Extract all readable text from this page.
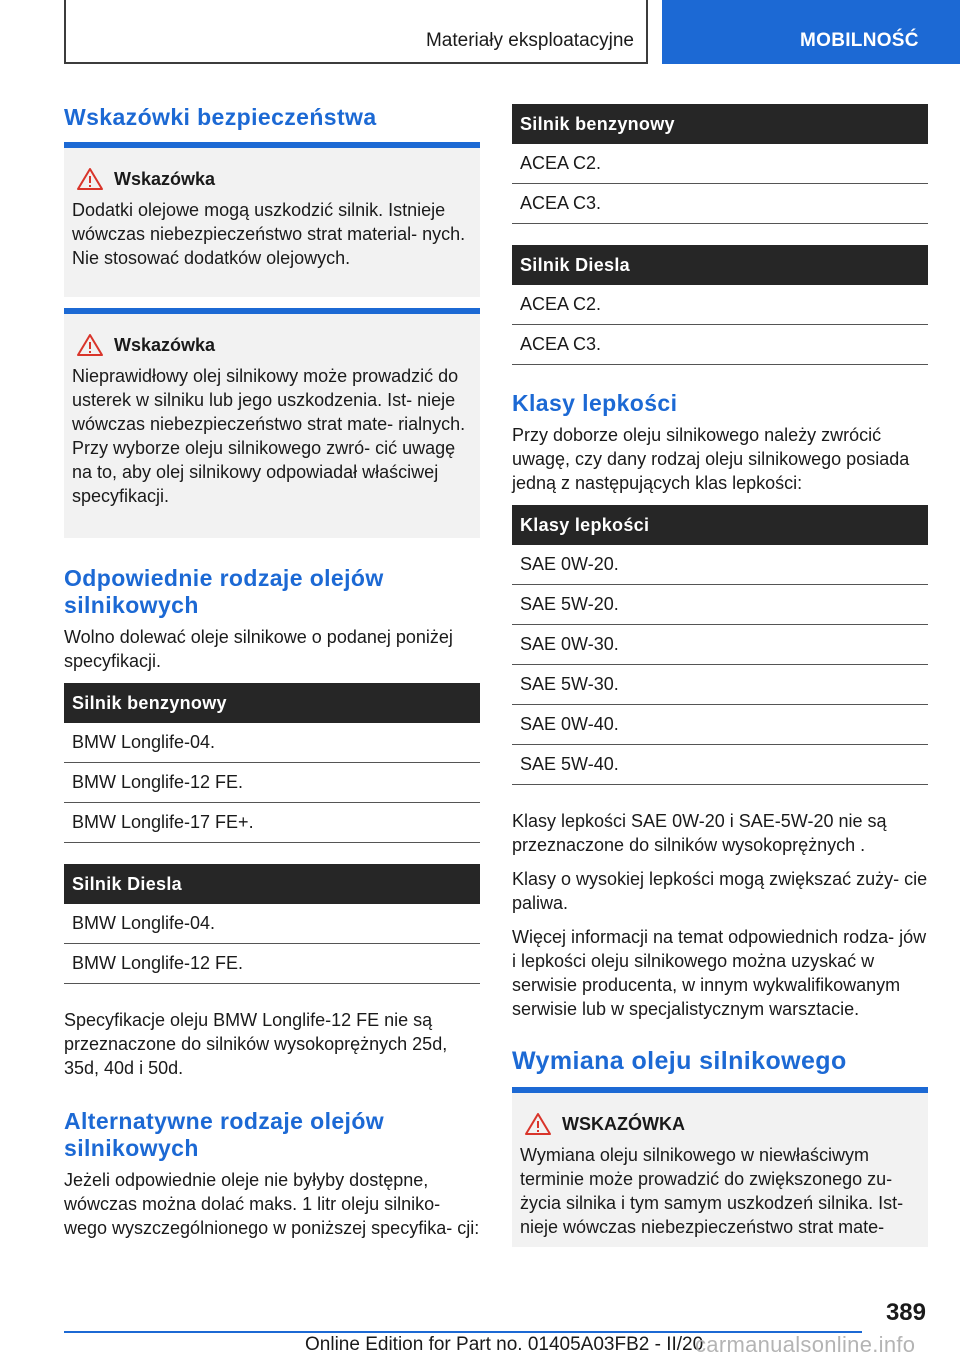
Materiały eksploatacyjne	MOBILNOŚĆ
Wskazówki bezpieczeństwa
Wskazówka

Dodatki olejowe mogą uszkodzić silnik. Istnieje wówczas niebezpieczeństwo strat material- nych. Nie stosować dodatków olejowych.

Wskazówka

Nieprawidłowy olej silnikowy może prowadzić do usterek w silniku lub jego uszkodzenia. Ist- nieje wówczas niebezpieczeństwo strat mate- rialnych. Przy wyborze oleju silnikowego zwró- cić uwagę na to, aby olej silnikowy odpowiadał właściwej specyfikacji.

Odpowiednie rodzaje olejów silnikowych

Wolno dolewać oleje silnikowe o podanej poniżej specyfikacji.

Silnik benzynowy
BMW Longlife-04.
BMW Longlife-12 FE.
BMW Longlife-17 FE+.
Silnik Diesla
BMW Longlife-04.
BMW Longlife-12 FE.

Specyfikacje oleju BMW Longlife-12 FE nie są przeznaczone do silników wysokoprężnych 25d, 35d, 40d i 50d.

Alternatywne rodzaje olejów silnikowych

Jeżeli odpowiednie oleje nie byłyby dostępne, wówczas można dolać maks. 1 litr oleju silniko- wego wyszczególnionego w poniższej specyfika- cji:

Silnik benzynowy
ACEA C2.
ACEA C3.
Silnik Diesla
ACEA C2.
ACEA C3.
Klasy lepkości

Przy doborze oleju silnikowego należy zwrócić uwagę, czy dany rodzaj oleju silnikowego posiada jedną z następujących klas lepkości:

Klasy lepkości
SAE 0W-20.
SAE 5W-20.
SAE 0W-30.
SAE 5W-30.
SAE 0W-40.
SAE 5W-40.

Klasy lepkości SAE 0W-20 i SAE-5W-20 nie są przeznaczone do silników wysokoprężnych .

Klasy o wysokiej lepkości mogą zwiększać zuży- cie paliwa.

Więcej informacji na temat odpowiednich rodza- jów i lepkości oleju silnikowego można uzyskać w serwisie producenta, w innym wykwalifikowanym serwisie lub w specjalistycznym warsztacie.

Wymiana oleju silnikowego
WSKAZÓWKA

Wymiana oleju silnikowego w niewłaściwym terminie może prowadzić do zwiększonego zu- życia silnika i tym samym uszkodzeń silnika. Ist- nieje wówczas niebezpieczeństwo strat mate-

389
Online Edition for Part no. 01405A03FB2 - II/20
carmanualsonline.info
